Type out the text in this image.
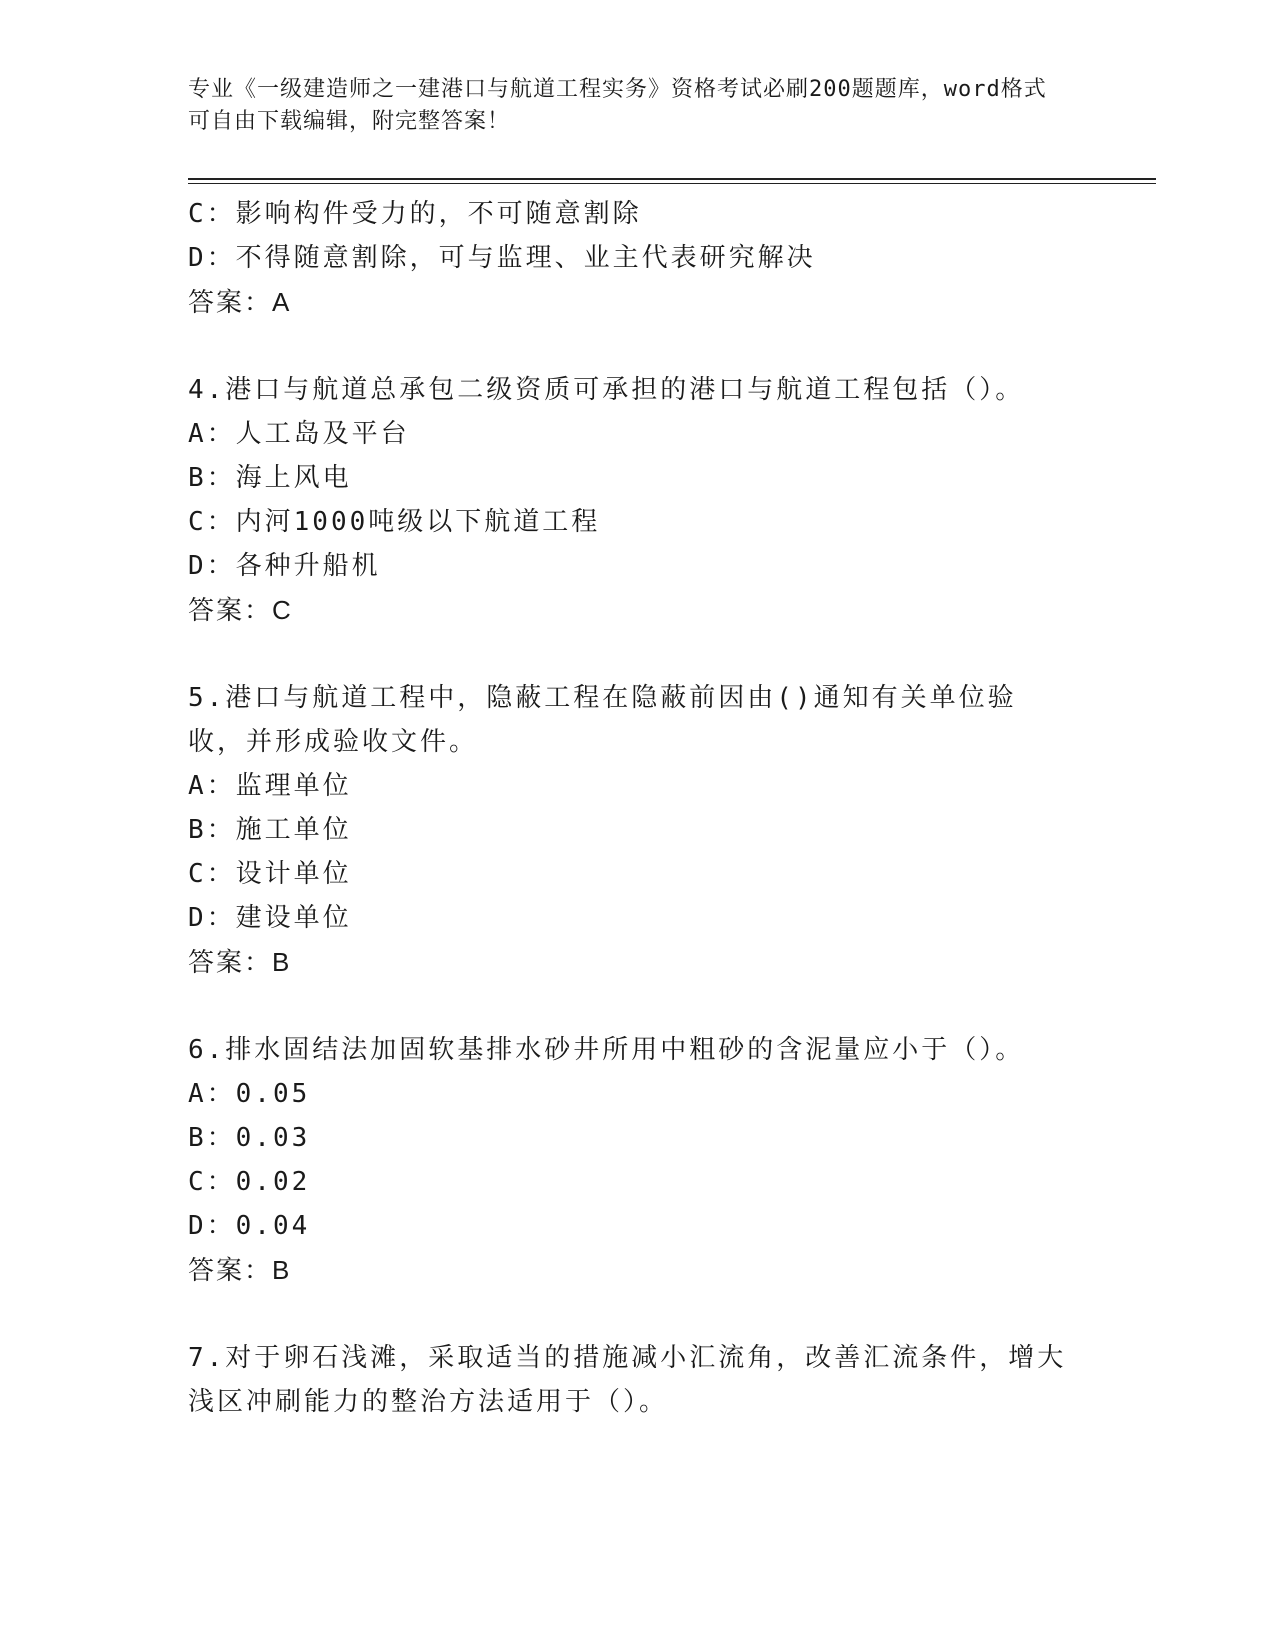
专业《一级建造师之一建港口与航道工程实务》资格考试必刷200题题库，word格式可自由下载编辑，附完整答案！
C：影响构件受力的，不可随意割除
D：不得随意割除，可与监理、业主代表研究解决
答案：A
4.港口与航道总承包二级资质可承担的港口与航道工程包括（）。
A：人工岛及平台
B：海上风电
C：内河1000吨级以下航道工程
D：各种升船机
答案：C
5.港口与航道工程中，隐蔽工程在隐蔽前因由()通知有关单位验收，并形成验收文件。
A：监理单位
B：施工单位
C：设计单位
D：建设单位
答案：B
6.排水固结法加固软基排水砂井所用中粗砂的含泥量应小于（）。
A：0.05
B：0.03
C：0.02
D：0.04
答案：B
7.对于卵石浅滩，采取适当的措施减小汇流角，改善汇流条件，增大浅区冲刷能力的整治方法适用于（）。
